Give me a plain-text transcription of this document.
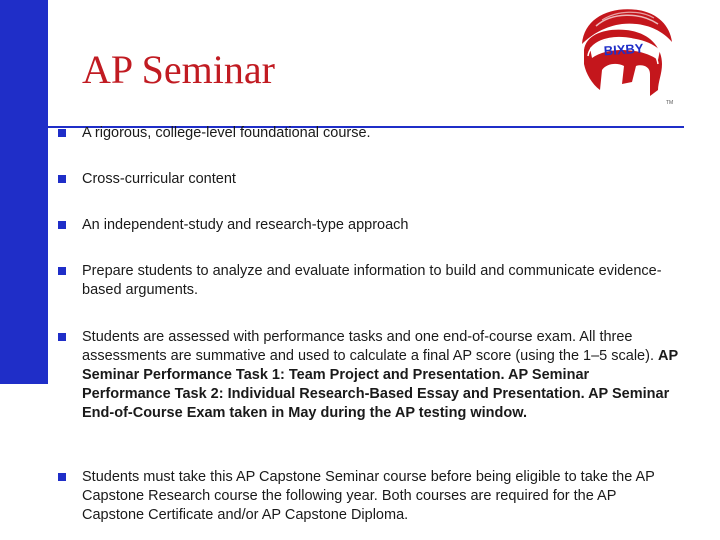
AP Seminar	BIXBY
TM
A rigorous, college-level foundational course.
Cross-curricular content
An independent-study and research-type approach
Prepare students to analyze and evaluate information to build and communicate evidence-based arguments.
Students are assessed with performance tasks and one end-of-course exam. All three assessments are summative and used to calculate a final AP score (using the 1–5 scale). AP Seminar Performance Task 1: Team Project and Presentation. AP Seminar Performance Task 2: Individual Research-Based Essay and Presentation. AP Seminar End-of-Course Exam taken in May during the AP testing window.
Students must take this AP Capstone Seminar course before being eligible to take the AP Capstone Research course the following year. Both courses are required for the AP Capstone Certificate and/or AP Capstone Diploma.
